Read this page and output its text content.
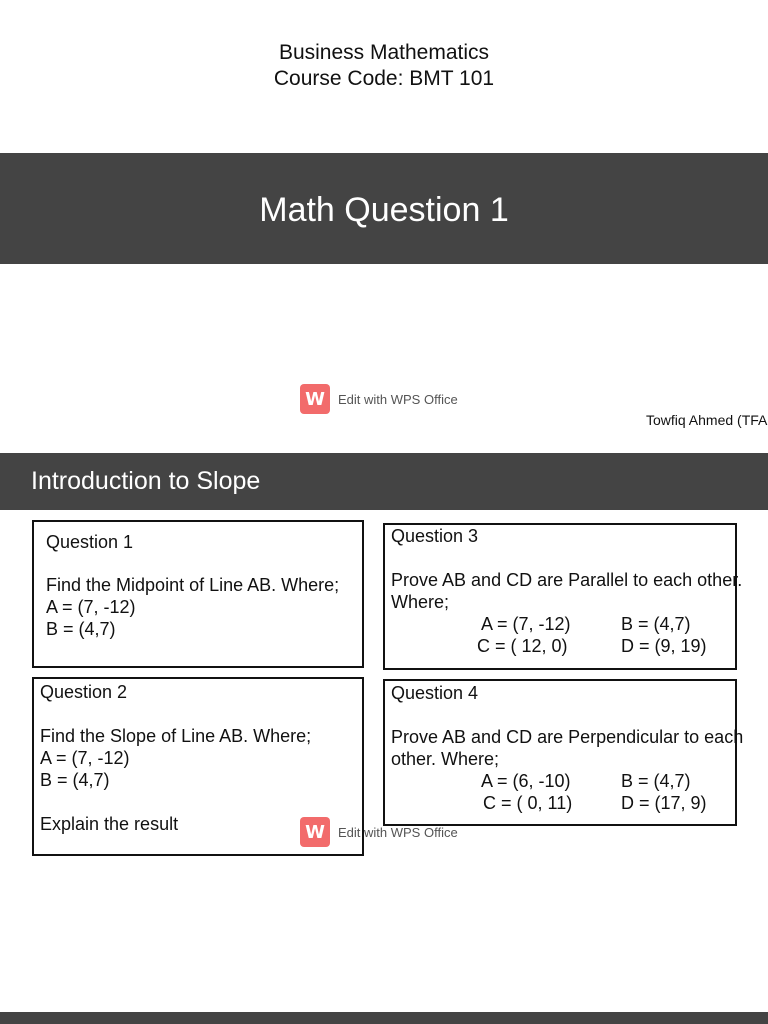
Business Mathematics
Course Code: BMT 101
Math Question 1
W	Edit with WPS Office
Towfiq Ahmed (TFA
Introduction to Slope
Question 1
Find the Midpoint of Line AB. Where;
A = (7, -12)
B = (4,7)
Question 2
Find the Slope of Line AB. Where;
A = (7, -12)
B = (4,7)
Explain the result
Question 3
Prove AB and CD are Parallel to each other. Where;
A = (7, -12)	B = (4,7)
C = ( 12, 0)	D = (9, 19)
Question 4
Prove AB and CD are Perpendicular to each other. Where;
A = (6, -10)	B = (4,7)
C = ( 0, 11)	D = (17, 9)
W	Edit with WPS Office
